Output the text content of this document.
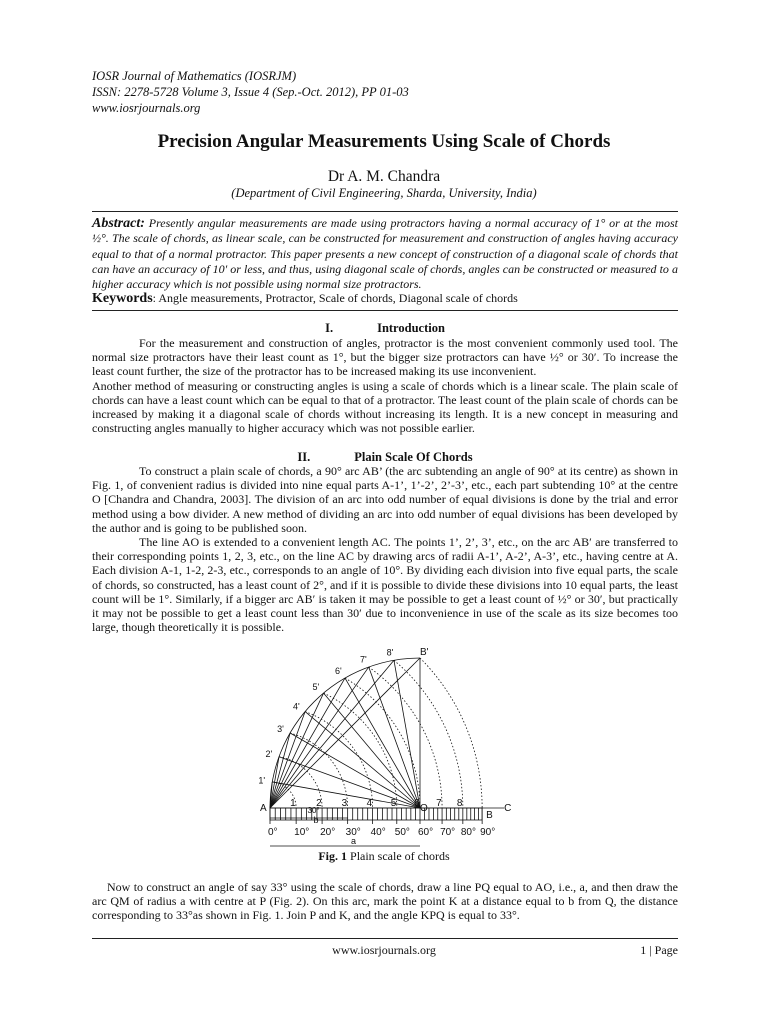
IOSR Journal of Mathematics (IOSRJM)
ISSN: 2278-5728 Volume 3, Issue 4 (Sep.-Oct. 2012), PP 01-03
www.iosrjournals.org
Precision Angular Measurements Using Scale of Chords
Dr A. M. Chandra
(Department of Civil Engineering, Sharda, University, India)
Abstract: Presently angular measurements are made using protractors having a normal accuracy of 1° or at the most ½°. The scale of chords, as linear scale, can be constructed for measurement and construction of angles having accuracy equal to that of a normal protractor. This paper presents a new concept of construction of a diagonal scale of chords that can have an accuracy of 10′ or less, and thus, using diagonal scale of chords, angles can be constructed or measured to a higher accuracy which is not possible using normal size protractors.
Keywords: Angle measurements, Protractor, Scale of chords, Diagonal scale of chords
I.	Introduction

For the measurement and construction of angles, protractor is the most convenient commonly used tool. The normal size protractors have their least count as 1°, but the bigger size protractors can have ½° or 30′. To increase the least count further, the size of the protractor has to be increased making its use inconvenient.

Another method of measuring or constructing angles is using a scale of chords which is a linear scale. The plain scale of chords can have a least count which can be equal to that of a protractor. The least count of the plain scale of chords can be increased by making it a diagonal scale of chords without increasing its length. It is a new concept in measuring and constructing angles manually to higher accuracy which was not possible earlier.

II.	Plain Scale Of Chords

To construct a plain scale of chords, a 90° arc AB’ (the arc subtending an angle of 90° at its centre) as shown in Fig. 1, of convenient radius is divided into nine equal parts A-1’, 1’-2’, 2’-3’, etc., each part subtending 10° at the centre O [Chandra and Chandra, 2003]. The division of an arc into odd number of equal divisions is done by the trial and error method using a bow divider. A new method of dividing an arc into odd number of equal divisions has been developed by the author and is going to be published soon.

The line AO is extended to a convenient length AC. The points 1’, 2’, 3’, etc., on the arc AB′ are transferred to their corresponding points 1, 2, 3, etc., on the line AC by drawing arcs of radii A-1’, A-2’, A-3’, etc., having centre at A. Each division A-1, 1-2, 2-3, etc., corresponds to an angle of 10°. By dividing each division into five equal parts, the scale of chords, so constructed, has a least count of 2°, and if it is possible to divide these divisions into 10 equal parts, the least count will be 1°. Similarly, if a bigger arc AB′ is taken it may be possible to get a least count of ½° or 30′, but practically it may not be possible to get a least count less than 30′ due to inconvenience in use of the scale as its size becomes too large, though theoretically it is possible.

A	O
B
C
B'
a
b
30°
1'
2'
3'
4'
5'
6'
7'
8'
1 2 3 4 5 6 7 8
0° 10° 20° 30° 40° 50° 60° 70° 80° 90°
Fig. 1 Plain scale of chords

Now to construct an angle of say 33° using the scale of chords, draw a line PQ equal to AO, i.e., a, and then draw the arc QM of radius a with centre at P (Fig. 2). On this arc, mark the point K at a distance equal to b from Q, the distance corresponding to 33°as shown in Fig. 1. Join P and K, and the angle KPQ is equal to 33°.

www.iosrjournals.org	1 | Page
